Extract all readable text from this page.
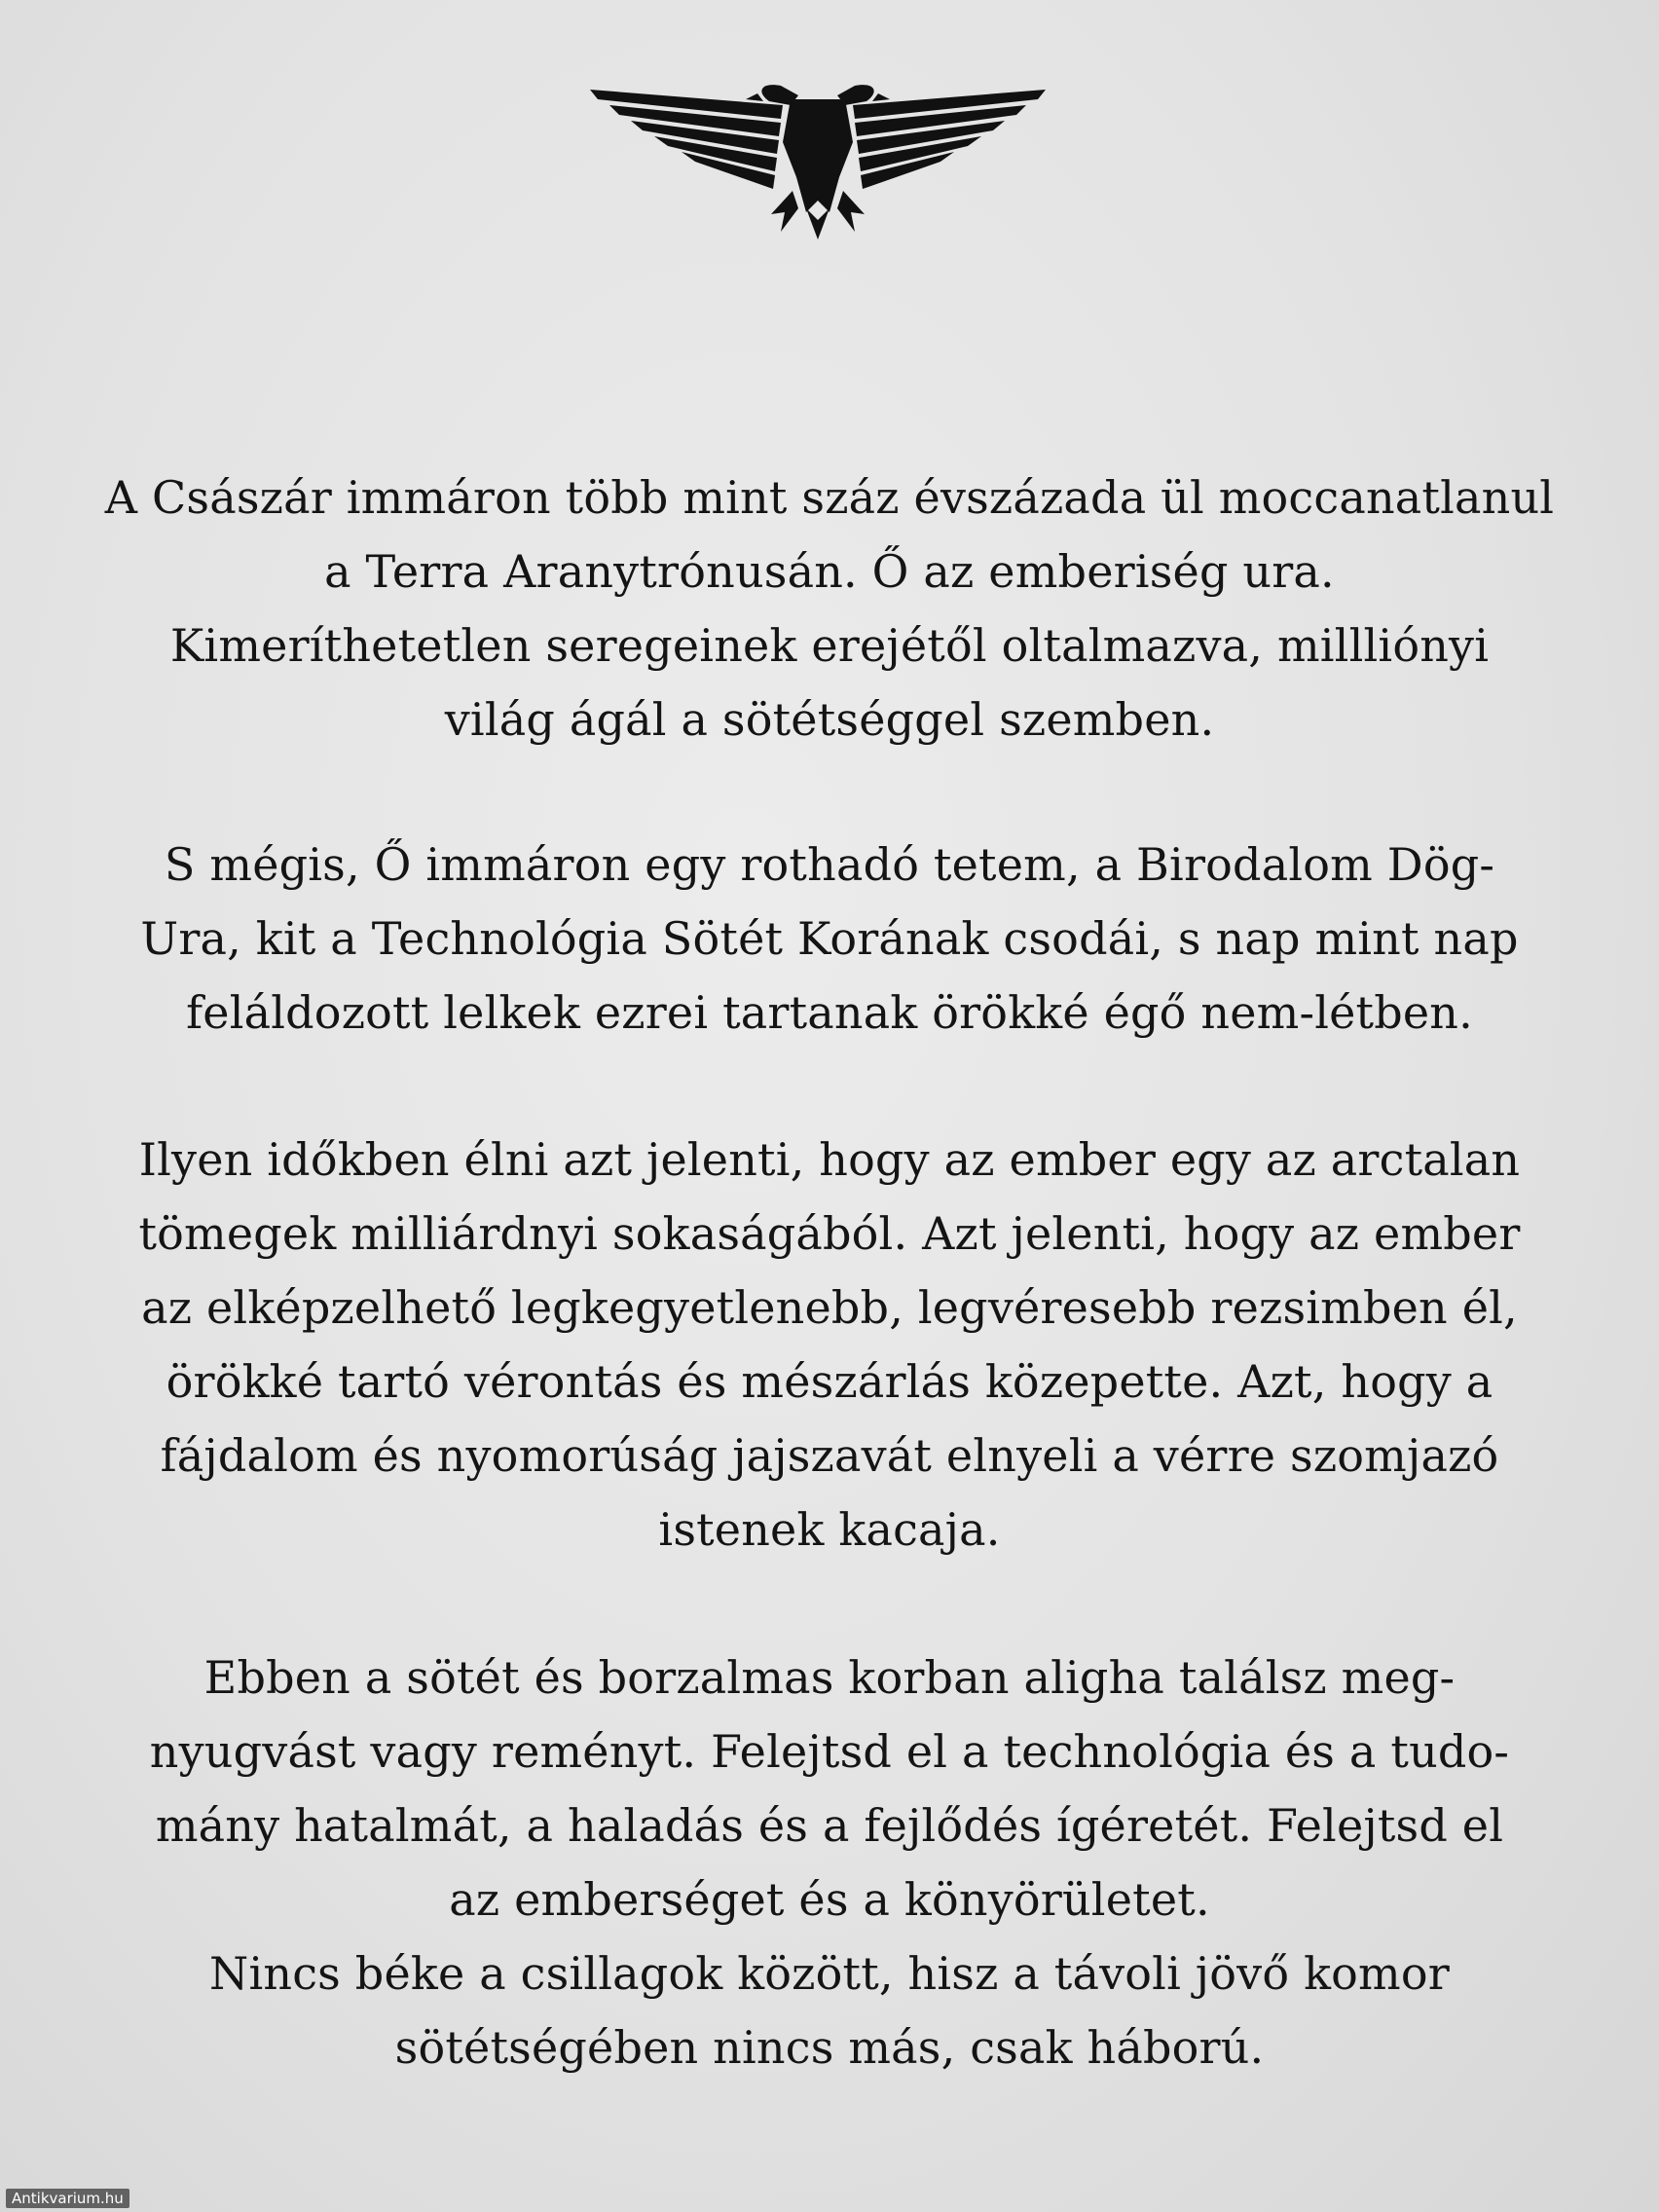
A Császár immáron több mint száz évszázada ül moccanatlanul
a Terra Aranytrónusán. Ő az emberiség ura.
Kimeríthetetlen seregeinek erejétől oltalmazva, millliónyi
világ ágál a sötétséggel szemben.
S mégis, Ő immáron egy rothadó tetem, a Birodalom Dög-
Ura, kit a Technológia Sötét Korának csodái, s nap mint nap
feláldozott lelkek ezrei tartanak örökké égő nem-létben.
Ilyen időkben élni azt jelenti, hogy az ember egy az arctalan
tömegek milliárdnyi sokaságából. Azt jelenti, hogy az ember
az elképzelhető legkegyetlenebb, legvéresebb rezsimben él,
örökké tartó vérontás és mészárlás közepette. Azt, hogy a
fájdalom és nyomorúság jajszavát elnyeli a vérre szomjazó
istenek kacaja.
Ebben a sötét és borzalmas korban aligha találsz meg-
nyugvást vagy reményt. Felejtsd el a technológia és a tudo-
mány hatalmát, a haladás és a fejlődés ígéretét. Felejtsd el
az emberséget és a könyörületet.
Nincs béke a csillagok között, hisz a távoli jövő komor
sötétségében nincs más, csak háború.
Antikvarium.hu
